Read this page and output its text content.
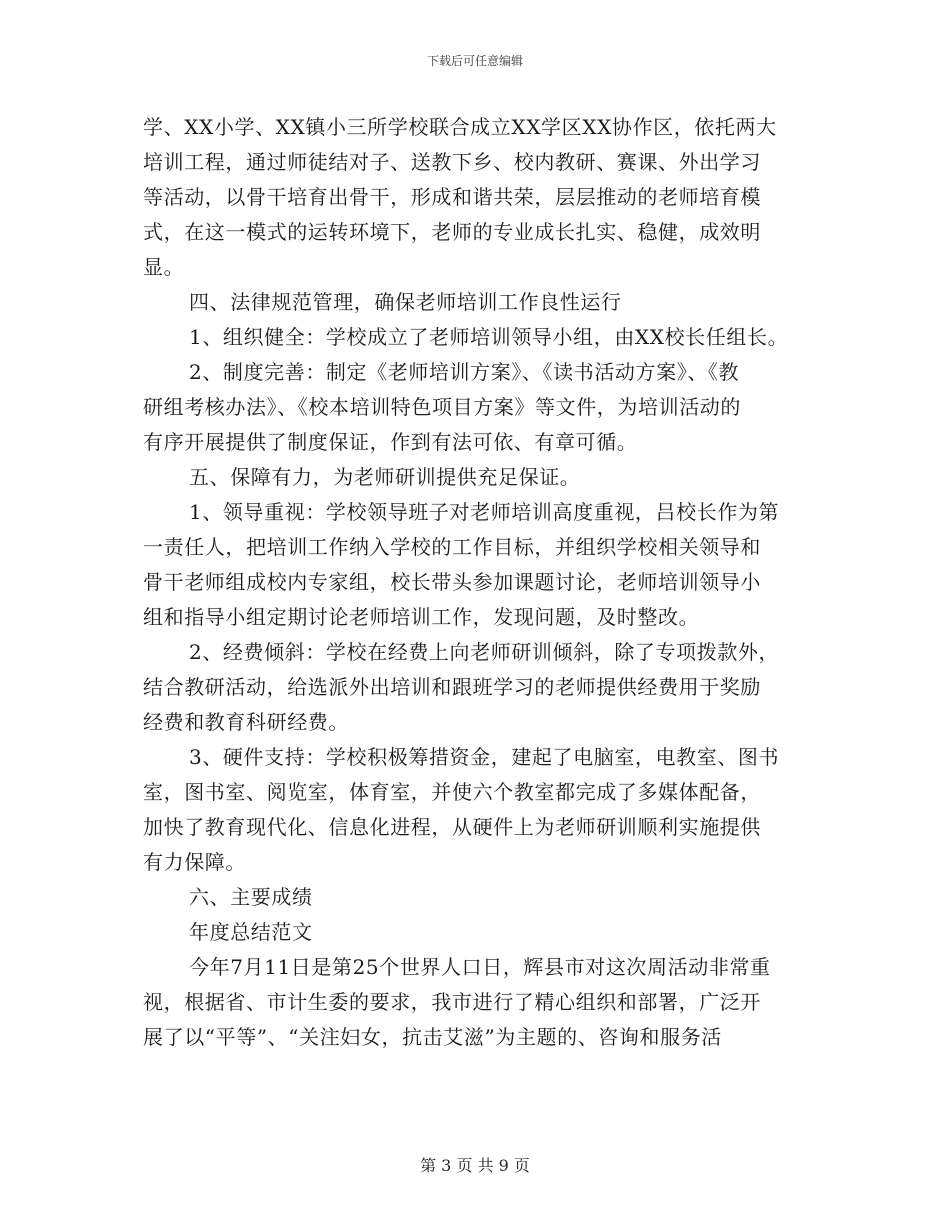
下载后可任意编辑
学、XX小学、XX镇小三所学校联合成立XX学区XX协作区，依托两大
培训工程，通过师徒结对子、送教下乡、校内教研、赛课、外出学习
等活动，以骨干培育出骨干，形成和谐共荣，层层推动的老师培育模
式，在这一模式的运转环境下，老师的专业成长扎实、稳健，成效明
显。
四、法律规范管理，确保老师培训工作良性运行
1、组织健全：学校成立了老师培训领导小组，由XX校长任组长。
2、制度完善：制定《老师培训方案》、《读书活动方案》、《教
研组考核办法》、《校本培训特色项目方案》等文件，为培训活动的
有序开展提供了制度保证，作到有法可依、有章可循。
五、保障有力，为老师研训提供充足保证。
1、领导重视：学校领导班子对老师培训高度重视，吕校长作为第
一责任人，把培训工作纳入学校的工作目标，并组织学校相关领导和
骨干老师组成校内专家组，校长带头参加课题讨论，老师培训领导小
组和指导小组定期讨论老师培训工作，发现问题，及时整改。
2、经费倾斜：学校在经费上向老师研训倾斜，除了专项拨款外，
结合教研活动，给选派外出培训和跟班学习的老师提供经费用于奖励
经费和教育科研经费。
3、硬件支持：学校积极筹措资金，建起了电脑室，电教室、图书
室，图书室、阅览室，体育室，并使六个教室都完成了多媒体配备，
加快了教育现代化、信息化进程，从硬件上为老师研训顺利实施提供
有力保障。
六、主要成绩
年度总结范文
今年7月11日是第25个世界人口日，辉县市对这次周活动非常重
视，根据省、市计生委的要求，我市进行了精心组织和部署，广泛开
展了以“平等”、“关注妇女，抗击艾滋”为主题的、咨询和服务活
第 3 页 共 9 页
